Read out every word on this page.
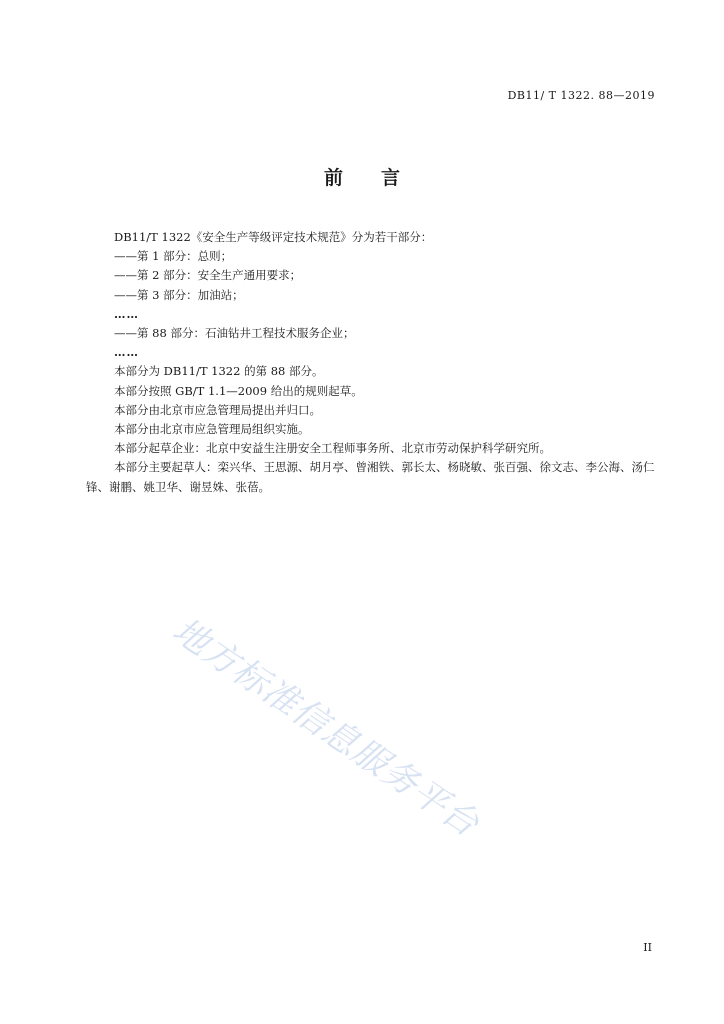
DB11/ T 1322. 88—2019
前言
DB11/T 1322《安全生产等级评定技术规范》分为若干部分：
——第 1 部分：总则；
——第 2 部分：安全生产通用要求；
——第 3 部分：加油站；
……
——第 88 部分：石油钻井工程技术服务企业；
……
本部分为 DB11/T 1322 的第 88 部分。
本部分按照 GB/T 1.1—2009 给出的规则起草。
本部分由北京市应急管理局提出并归口。
本部分由北京市应急管理局组织实施。
本部分起草企业：北京中安益生注册安全工程师事务所、北京市劳动保护科学研究所。
本部分主要起草人：栾兴华、王思源、胡月亭、曾湘铁、郭长太、杨晓敏、张百强、徐文志、李公海、汤仁锋、谢鹏、姚卫华、谢昱姝、张蓓。
地方标准信息服务平台
II
